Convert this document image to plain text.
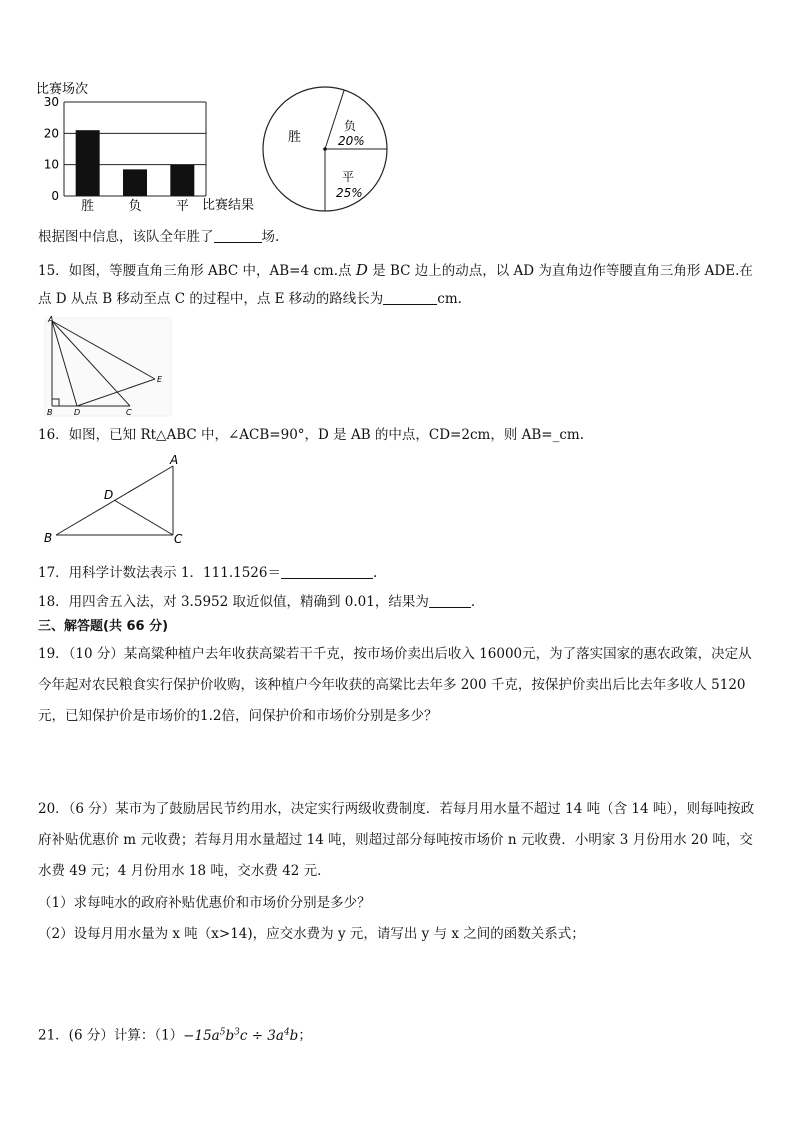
比赛场次
0
10
20
30
胜	负	平 比赛结果
胜
负
20%
平
25%
根据图中信息，该队全年胜了	场.
15．如图，等腰直角三角形 ABC 中，AB=4 cm.点 D 是 BC 边上的动点，以 AD 为直角边作等腰直角三角形 ADE.在
点 D 从点 B 移动至点 C 的过程中，点 E 移动的路线长为	cm.
A
B	D	C
E
16．如图，已知 Rt△ABC 中，∠ACB=90°，D 是 AB 的中点，CD=2cm，则 AB=_cm.
A
D
B	C
17．用科学计数法表示 1．111.1526＝	.
18．用四舍五入法，对 3.5952 取近似值，精确到 0.01，结果为	.
三、解答题(共 66 分)
19．（10 分）某高粱种植户去年收获高粱若干千克，按市场价卖出后收入 16000元，为了落实国家的惠农政策，决定从
今年起对农民粮食实行保护价收购，该种植户今年收获的高粱比去年多 200 千克，按保护价卖出后比去年多收人 5120
元，已知保护价是市场价的1.2倍，问保护价和市场价分别是多少？
20．（6 分）某市为了鼓励居民节约用水，决定实行两级收费制度．若每月用水量不超过 14 吨（含 14 吨），则每吨按政
府补贴优惠价 m 元收费；若每月用水量超过 14 吨，则超过部分每吨按市场价 n 元收费．小明家 3 月份用水 20 吨，交
水费 49 元；4 月份用水 18 吨，交水费 42 元．
（1）求每吨水的政府补贴优惠价和市场价分别是多少？
（2）设每月用水量为 x 吨（x>14)，应交水费为 y 元，请写出 y 与 x 之间的函数关系式；
21．(6 分）计算：$(1)-15a^5b^3c \div 3a^4b$；
